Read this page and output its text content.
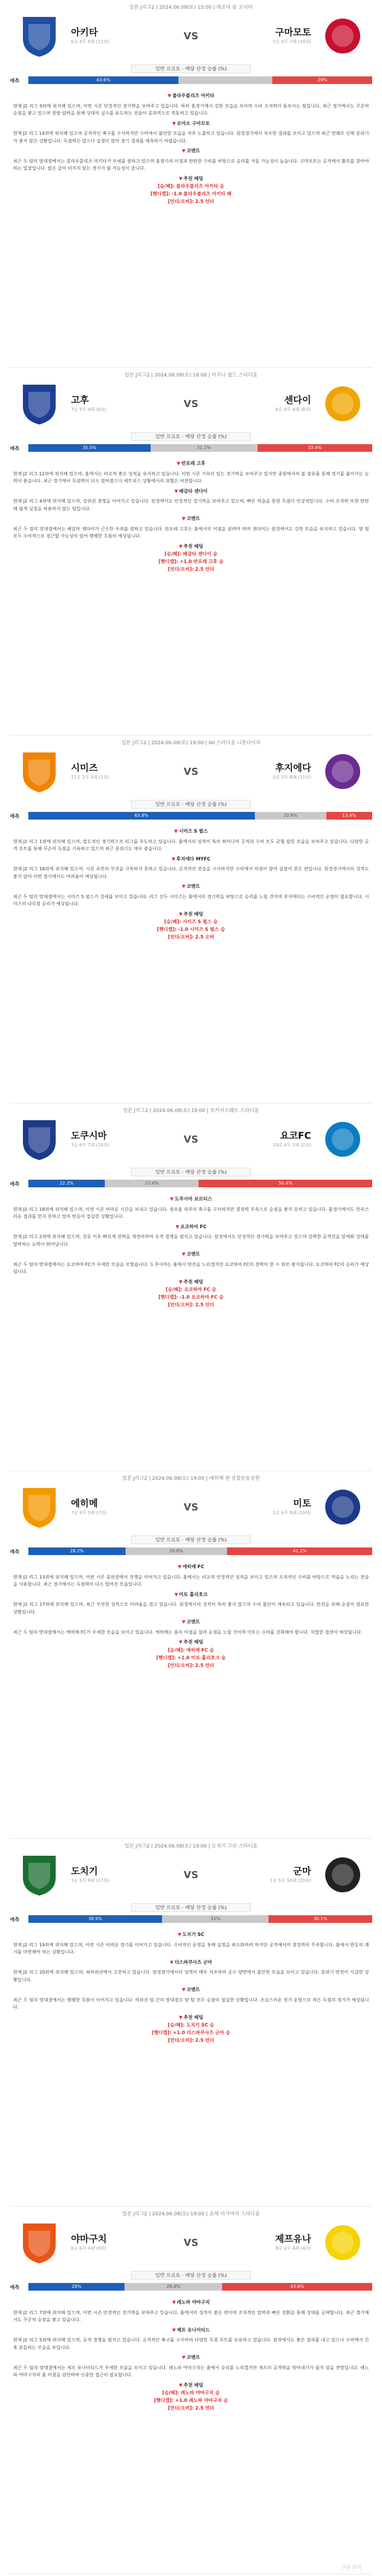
일본 J리그2 | 2024.06.08(토) 15:00 | 레조낙 돔 오이타
아키타
6승 4무 6패 (12위)	VS	구마모토
5승 4무 7패 (14위)
일반 프로토 · 배당 산정 승률 (%)
예측	43.6%	29%
▼ 블라우블리츠 아키타

현재 J2 리그 9위에 위치해 있으며, 이번 시즌 안정적인 경기력을 보여주고 있습니다. 특히 홈경기에서 강한 모습을 보이며 수비 조직력이 돋보이는 팀입니다. 최근 경기에서도 꾸준히 승점을 쌓고 있으며 전방 압박을 통해 상대의 실수를 유도하는 전술이 효과적으로 작동하고 있습니다.

▼ 로아소 구마모토

현재 J2 리그 14위에 위치해 있으며 공격적인 축구를 구사하지만 수비에서 불안한 모습을 자주 노출하고 있습니다. 원정경기에서 저조한 결과를 보이고 있으며 최근 연패로 인해 분위기가 좋지 않은 상황입니다. 득점력은 있으나 실점이 많아 경기 결과를 예측하기 어렵습니다.

▼ 코멘트

최근 두 팀의 맞대결에서는 블라우블리츠 아키타가 우세를 점하고 있으며 홈경기의 이점과 탄탄한 수비를 바탕으로 승리를 거둘 가능성이 높습니다. 구마모토는 공격에서 활로를 찾아야 하는 입장입니다. 많은 골이 터지지 않는 경기가 될 가능성이 큽니다.

▼ 추천 배팅
[승/패]: 블라우블리츠 아키타 승
[핸디캡]: -1.0 블라우블리츠 아키타 패
[언더/오버]: 2.5 언더
일본 J리그2 | 2024.06.08(토) 18:00 | 미쿠니 월드 스타디움
고후
7승 5무 4패 (6위)	VS	센다이
6승 6무 4패 (8위)
일반 프로토 · 배당 산정 승률 (%)
예측	35.5%	31.1%	33.4%
▼ 반포레 고후

현재 J2 리그 12위에 위치해 있으며, 홈에서는 비교적 좋은 성적을 유지하고 있습니다. 이번 시즌 기복이 있는 경기력을 보여주고 있지만 중원에서의 볼 점유를 통해 경기를 풀어가는 능력이 좋습니다. 최근 경기에서 득점력이 다소 떨어졌으나 세트피스 상황에서의 위협은 여전합니다.

▼ 베갈타 센다이

현재 J2 리그 4위에 위치해 있으며, 상위권 경쟁을 이어가고 있습니다. 원정에서도 안정적인 경기력을 보여주고 있으며, 빠른 역습을 통한 득점이 인상적입니다. 수비 조직력 또한 탄탄해 쉽게 실점을 허용하지 않는 팀입니다.

▼ 코멘트

최근 두 팀의 맞대결에서는 베갈타 센다이가 근소한 우위를 점하고 있습니다. 반포레 고후는 홈에서의 이점을 살려야 하며 센다이는 원정에서도 강한 모습을 유지하고 있습니다. 양 팀 모두 수비적으로 접근할 가능성이 있어 팽팽한 흐름이 예상됩니다.

▼ 추천 배팅
[승/패]: 베갈타 센다이 승
[핸디캡]: +1.0 반포레 고후 승
[언더/오버]: 2.5 언더
일본 J리그2 | 2024.06.08(토) 19:00 | IAI 스타디움 니혼다이라
시미즈
11승 2무 3패 (1위)	VS	후지에다
5승 3무 8패 (15위)
일반 프로토 · 배당 산정 승률 (%)
예측	65.8%	20.8%	13.4%
▼ 시미즈 S 펄스

현재 J2 리그 1위에 위치해 있으며, 압도적인 경기력으로 리그를 주도하고 있습니다. 홈에서의 성적이 특히 뛰어나며 공격과 수비 모두 균형 잡힌 모습을 보여주고 있습니다. 다양한 공격 루트를 통해 꾸준히 득점을 기록하고 있으며 최근 분위기도 매우 좋습니다.

▼ 후지에다 MYFC

현재 J2 리그 16위에 위치해 있으며, 시즌 초반의 부진을 극복하지 못하고 있습니다. 공격적인 전술을 구사하지만 수비에서 허점이 많아 실점이 잦은 편입니다. 원정경기에서의 성적도 좋지 않아 이번 경기에서도 어려움이 예상됩니다.

▼ 코멘트

최근 두 팀의 맞대결에서는 시미즈 S 펄스가 강세를 보이고 있습니다. 리그 선두 시미즈는 홈에서의 경기력을 바탕으로 승리를 노릴 것이며 후지에다는 수비적인 운영이 필요합니다. 시미즈의 다득점 승리가 예상됩니다.

▼ 추천 배팅
[승/패]: 시미즈 S 펄스 승
[핸디캡]: -1.0 시미즈 S 펄스 승
[언더/오버]: 2.5 오버
일본 J리그2 | 2024.06.08(토) 19:00 | 포카리스웨트 스타디움
도쿠시마
3승 6무 7패 (18위)	VS	요코FC
10승 4무 2패 (2위)
일반 프로토 · 배당 산정 승률 (%)
예측	22.2%	27.4%	50.4%
▼ 도쿠시마 보르티스

현재 J2 리그 18위에 위치해 있으며, 이번 시즌 어려운 시간을 보내고 있습니다. 점유율 위주의 축구를 구사하지만 결정력 부족으로 승점을 쌓지 못하고 있습니다. 홈경기에서도 만족스러운 결과를 얻지 못하고 있어 반등이 절실한 상황입니다.

▼ 요코하마 FC

현재 J2 리그 2위에 위치해 있으며, 강등 이후 빠르게 전력을 재정비하여 승격 경쟁을 펼치고 있습니다. 원정에서도 안정적인 경기력을 보여주고 있으며 강력한 공격진을 앞세워 상대를 압박하는 능력이 뛰어납니다.

▼ 코멘트

최근 두 팀의 맞대결에서는 요코하마 FC가 우세한 모습을 보였습니다. 도쿠시마는 홈에서 반전을 노리겠지만 요코하마 FC의 전력이 한 수 위로 평가됩니다. 요코하마 FC의 승리가 예상됩니다.

▼ 추천 배팅
[승/패]: 요코하마 FC 승
[핸디캡]: -1.0 요코하마 FC 승
[언더/오버]: 2.5 언더
일본 J리그2 | 2024.06.08(토) 19:00 | 에히메 현 종합운동공원
에히메
7승 4무 5패 (7위)	VS	미토
2승 6무 8패 (19위)
일반 프로토 · 배당 산정 승률 (%)
예측	28.2%	29.6%	42.2%
▼ 에히메 FC

현재 J2 리그 13위에 위치해 있으며, 이번 시즌 중위권에서 경쟁을 이어가고 있습니다. 홈에서는 비교적 안정적인 성적을 보이고 있으며 조직적인 수비를 바탕으로 역습을 노리는 전술을 사용합니다. 최근 경기에서는 득점력이 다소 떨어진 모습입니다.

▼ 미토 홀리호크

현재 J2 리그 17위에 위치해 있으며, 최근 부진한 성적으로 어려움을 겪고 있습니다. 원정에서의 성적이 특히 좋지 않으며 수비 불안이 계속되고 있습니다. 반전을 위해 승점이 필요한 상황입니다.

▼ 코멘트

최근 두 팀의 맞대결에서는 에히메 FC가 우세한 모습을 보이고 있습니다. 에히메는 홈의 이점을 살려 승점을 노릴 것이며 미토는 수비를 강화해야 합니다. 치열한 접전이 예상됩니다.

▼ 추천 배팅
[승/패]: 에히메 FC 승
[핸디캡]: +1.0 미토 홀리호크 승
[언더/오버]: 2.5 언더
일본 J리그2 | 2024.06.08(토) 19:00 | 도치기 그린 스타디움
도치기
3승 5무 8패 (17위)	VS	군마
1승 5무 10패 (20위)
일반 프로토 · 배당 산정 승률 (%)
예측	38.9%	31%	30.1%
▼ 도치기 SC

현재 J2 리그 19위에 위치해 있으며, 이번 시즌 어려운 경기를 이어가고 있습니다. 수비적인 운영을 통해 실점을 최소화하려 하지만 공격에서의 결정력이 부족합니다. 홈에서 반등의 계기를 마련해야 하는 상황입니다.

▼ 더스파쿠사츠 군마

현재 J2 리그 20위에 위치해 있으며, 최하위권에서 고전하고 있습니다. 원정경기에서의 성적이 매우 저조하며 공수 양면에서 불안한 모습을 보이고 있습니다. 분위기 반전이 시급한 상황입니다.

▼ 코멘트

최근 두 팀의 맞대결에서는 팽팽한 흐름이 이어지고 있습니다. 하위권 팀 간의 맞대결로 양 팀 모두 승점이 절실한 상황입니다. 조심스러운 경기 운영으로 적은 득점의 경기가 예상됩니다.

▼ 추천 배팅
[승/패]: 도치기 SC 승
[핸디캡]: +1.0 더스파쿠사츠 군마 승
[언더/오버]: 2.5 언더
일본 J리그2 | 2024.06.08(토) 19:00 | 쵸레 마가마리 스타디움
야마구치
6승 6무 4패 (9위)	VS	제프유나
8승 4무 4패 (4위)
일반 프로토 · 배당 산정 승률 (%)
예측	28%	28.4%	43.6%
▼ 레노파 야마구치

현재 J2 리그 7위에 위치해 있으며, 이번 시즌 안정적인 경기력을 보여주고 있습니다. 홈에서의 성적이 좋은 편이며 조직적인 압박과 빠른 전환을 통해 상대를 공략합니다. 최근 경기에서도 꾸준히 승점을 쌓고 있습니다.

▼ 제프 유나이티드

현재 J2 리그 5위에 위치해 있으며, 승격 경쟁을 펼치고 있습니다. 공격적인 축구를 구사하며 다양한 득점 루트를 보유하고 있습니다. 원정에서도 좋은 결과를 내고 있으나 수비에서 간혹 흔들리는 모습을 보입니다.

▼ 코멘트

최근 두 팀의 맞대결에서는 제프 유나이티드가 우세한 모습을 보이고 있습니다. 레노파 야마구치는 홈에서 승리를 노리겠지만 제프의 공격력을 막아내기가 쉽지 않을 전망입니다. 레노파 야마구치의 홈 이점을 감안하여 신중한 접근이 필요합니다.

▼ 추천 배팅
[승/패]: 레노파 야마구치 승
[핸디캡]: +1.0 레노파 야마구치 승
[언더/오버]: 2.5 언더
구라 분석
